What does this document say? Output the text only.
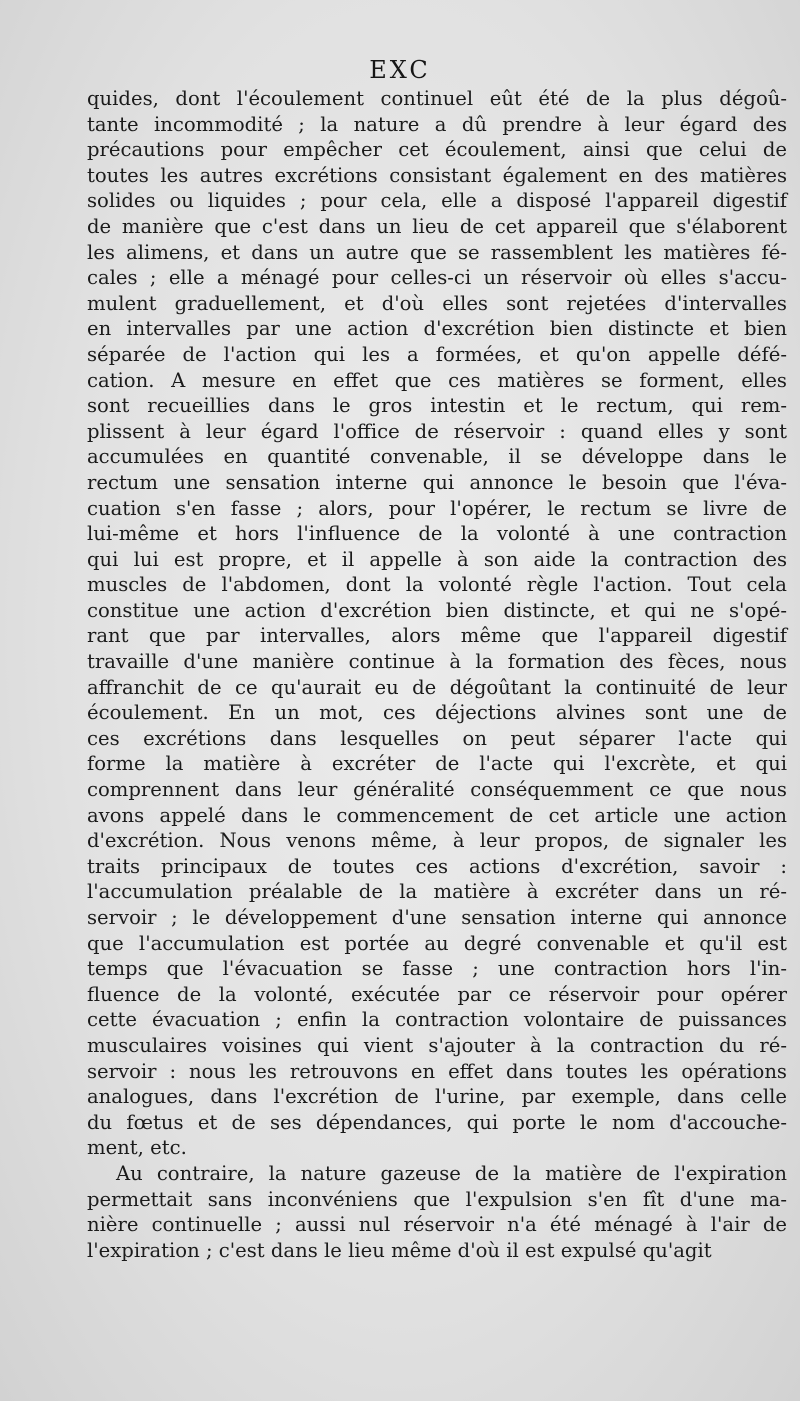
EXC
quides, dont l'écoulement continuel eût été de la plus dégoû-
tante incommodité ; la nature a dû prendre à leur égard des
précautions pour empêcher cet écoulement, ainsi que celui de
toutes les autres excrétions consistant également en des matières
solides ou liquides ; pour cela, elle a disposé l'appareil digestif
de manière que c'est dans un lieu de cet appareil que s'élaborent
les alimens, et dans un autre que se rassemblent les matières fé-
cales ; elle a ménagé pour celles-ci un réservoir où elles s'accu-
mulent graduellement, et d'où elles sont rejetées d'intervalles
en intervalles par une action d'excrétion bien distincte et bien
séparée de l'action qui les a formées, et qu'on appelle défé-
cation. A mesure en effet que ces matières se forment, elles
sont recueillies dans le gros intestin et le rectum, qui rem-
plissent à leur égard l'office de réservoir : quand elles y sont
accumulées en quantité convenable, il se développe dans le
rectum une sensation interne qui annonce le besoin que l'éva-
cuation s'en fasse ; alors, pour l'opérer, le rectum se livre de
lui-même et hors l'influence de la volonté à une contraction
qui lui est propre, et il appelle à son aide la contraction des
muscles de l'abdomen, dont la volonté règle l'action. Tout cela
constitue une action d'excrétion bien distincte, et qui ne s'opé-
rant que par intervalles, alors même que l'appareil digestif
travaille d'une manière continue à la formation des fèces, nous
affranchit de ce qu'aurait eu de dégoûtant la continuité de leur
écoulement. En un mot, ces déjections alvines sont une de
ces excrétions dans lesquelles on peut séparer l'acte qui
forme la matière à excréter de l'acte qui l'excrète, et qui
comprennent dans leur généralité conséquemment ce que nous
avons appelé dans le commencement de cet article une action
d'excrétion. Nous venons même, à leur propos, de signaler les
traits principaux de toutes ces actions d'excrétion, savoir :
l'accumulation préalable de la matière à excréter dans un ré-
servoir ; le développement d'une sensation interne qui annonce
que l'accumulation est portée au degré convenable et qu'il est
temps que l'évacuation se fasse ; une contraction hors l'in-
fluence de la volonté, exécutée par ce réservoir pour opérer
cette évacuation ; enfin la contraction volontaire de puissances
musculaires voisines qui vient s'ajouter à la contraction du ré-
servoir : nous les retrouvons en effet dans toutes les opérations
analogues, dans l'excrétion de l'urine, par exemple, dans celle
du fœtus et de ses dépendances, qui porte le nom d'accouche-
ment, etc.
Au contraire, la nature gazeuse de la matière de l'expiration
permettait sans inconvéniens que l'expulsion s'en fît d'une ma-
nière continuelle ; aussi nul réservoir n'a été ménagé à l'air de
l'expiration ; c'est dans le lieu même d'où il est expulsé qu'agit
